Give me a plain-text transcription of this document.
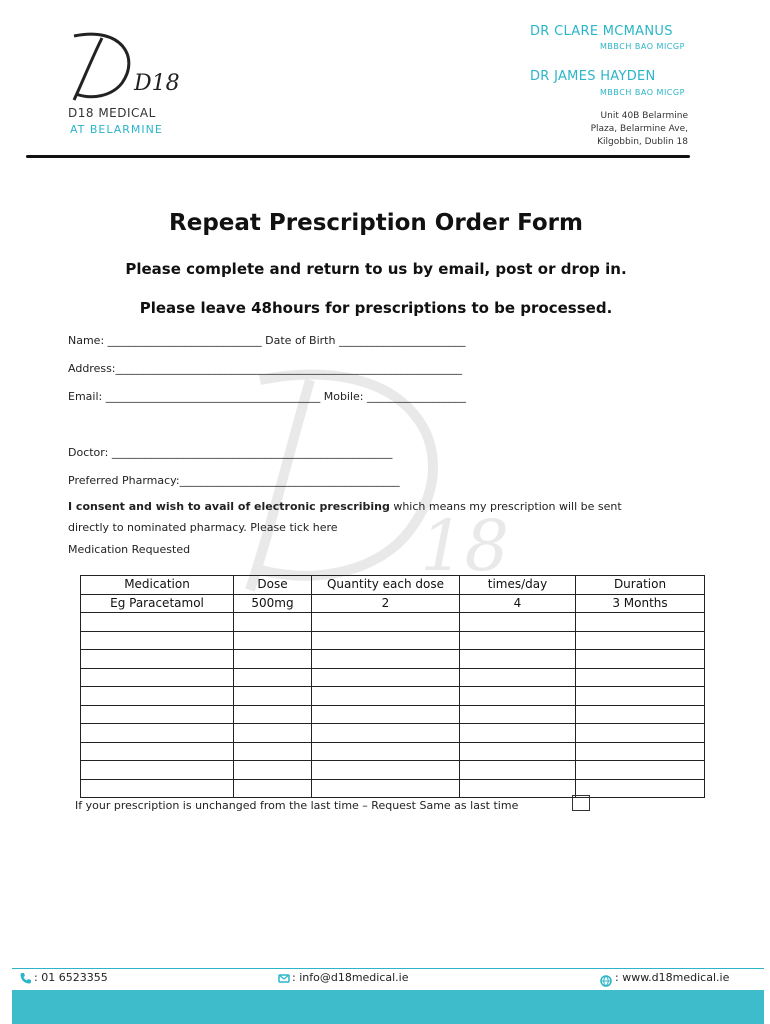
D18
D18 MEDICAL
AT BELARMINE
DR CLARE MCMANUS
MBBCH BAO MICGP
DR JAMES HAYDEN
MBBCH BAO MICGP
Unit 40B Belarmine
Plaza, Belarmine Ave,
Kilgobbin, Dublin 18
18
Repeat Prescription Order Form
Please complete and return to us by email, post or drop in.
Please leave 48hours for prescriptions to be processed.
Name: ____________________________ Date of Birth _______________________
Address:_______________________________________________________________
Email: _______________________________________ Mobile: __________________
Doctor: ___________________________________________________
Preferred Pharmacy:________________________________________
I consent and wish to avail of electronic prescribing which means my prescription will be sent
directly to nominated pharmacy. Please tick here
Medication Requested
Medication	Dose	Quantity each dose	times/day	Duration
Eg Paracetamol	500mg	2	4	3 Months

If your prescription is unchanged from the last time – Request Same as last time
: 01 6523355	: info@d18medical.ie	: www.d18medical.ie
